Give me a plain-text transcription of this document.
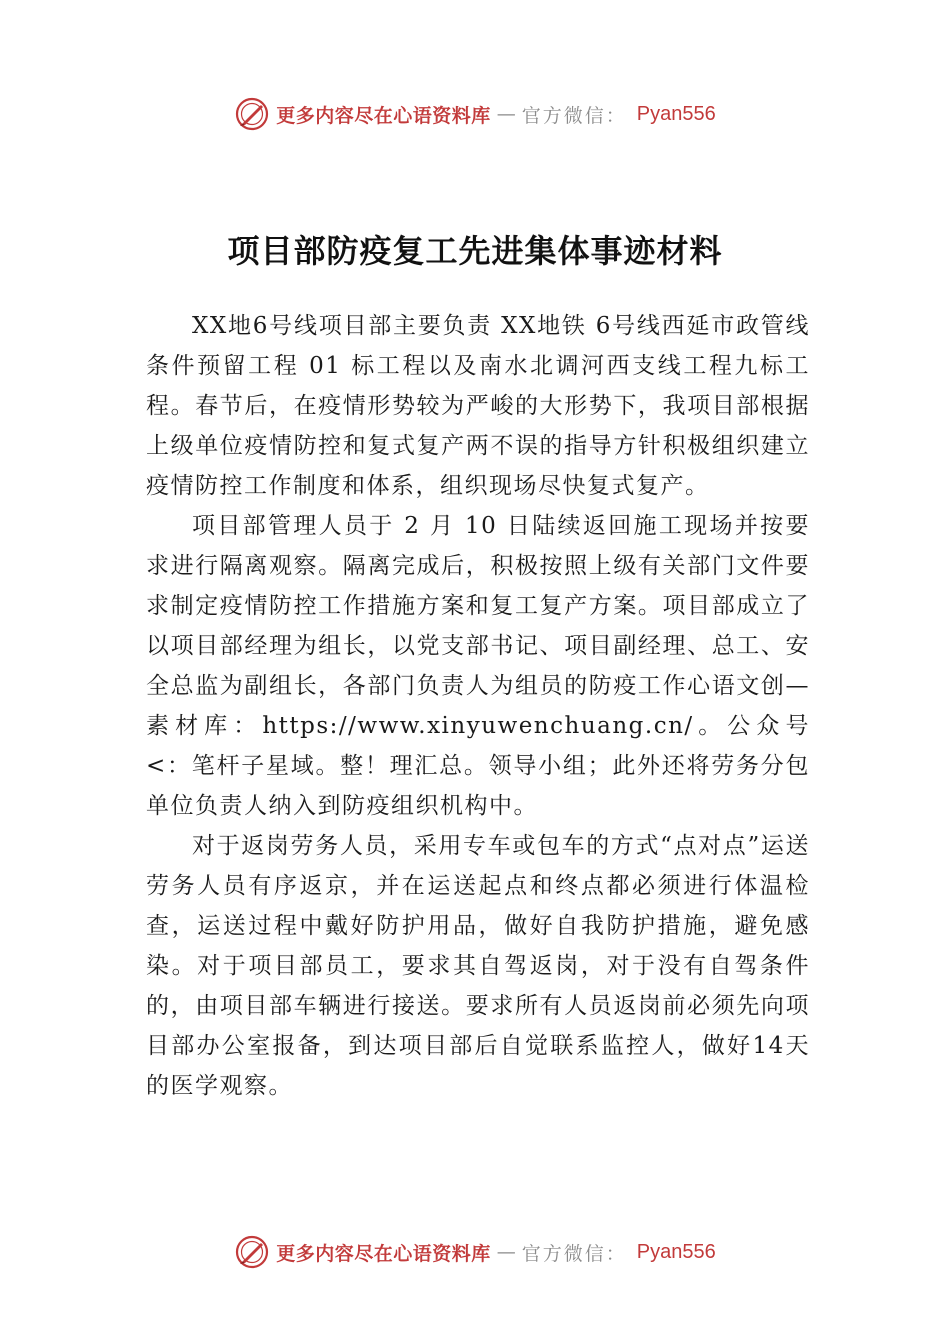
更多内容尽在心语资料库 — 官方微信： Pyan556
项目部防疫复工先进集体事迹材料

XX地6号线项目部主要负责 XX地铁 6号线西延市政管线条件预留工程 01 标工程以及南水北调河西支线工程九标工程。春节后，在疫情形势较为严峻的大形势下，我项目部根据上级单位疫情防控和复式复产两不误的指导方针积极组织建立疫情防控工作制度和体系，组织现场尽快复式复产。

项目部管理人员于 2 月 10 日陆续返回施工现场并按要求进行隔离观察。隔离完成后，积极按照上级有关部门文件要求制定疫情防控工作措施方案和复工复产方案。项目部成立了以项目部经理为组长，以党支部书记、项目副经理、总工、安全总监为副组长，各部门负责人为组员的防疫工作心语文创—素材库：https://www.xinyuwenchuang.cn/。公众号<：笔杆子星域。整！理汇总。领导小组；此外还将劳务分包单位负责人纳入到防疫组织机构中。

对于返岗劳务人员，采用专车或包车的方式“点对点”运送劳务人员有序返京，并在运送起点和终点都必须进行体温检查，运送过程中戴好防护用品，做好自我防护措施，避免感染。对于项目部员工，要求其自驾返岗，对于没有自驾条件的，由项目部车辆进行接送。要求所有人员返岗前必须先向项目部办公室报备，到达项目部后自觉联系监控人，做好14天的医学观察。

更多内容尽在心语资料库 — 官方微信： Pyan556
